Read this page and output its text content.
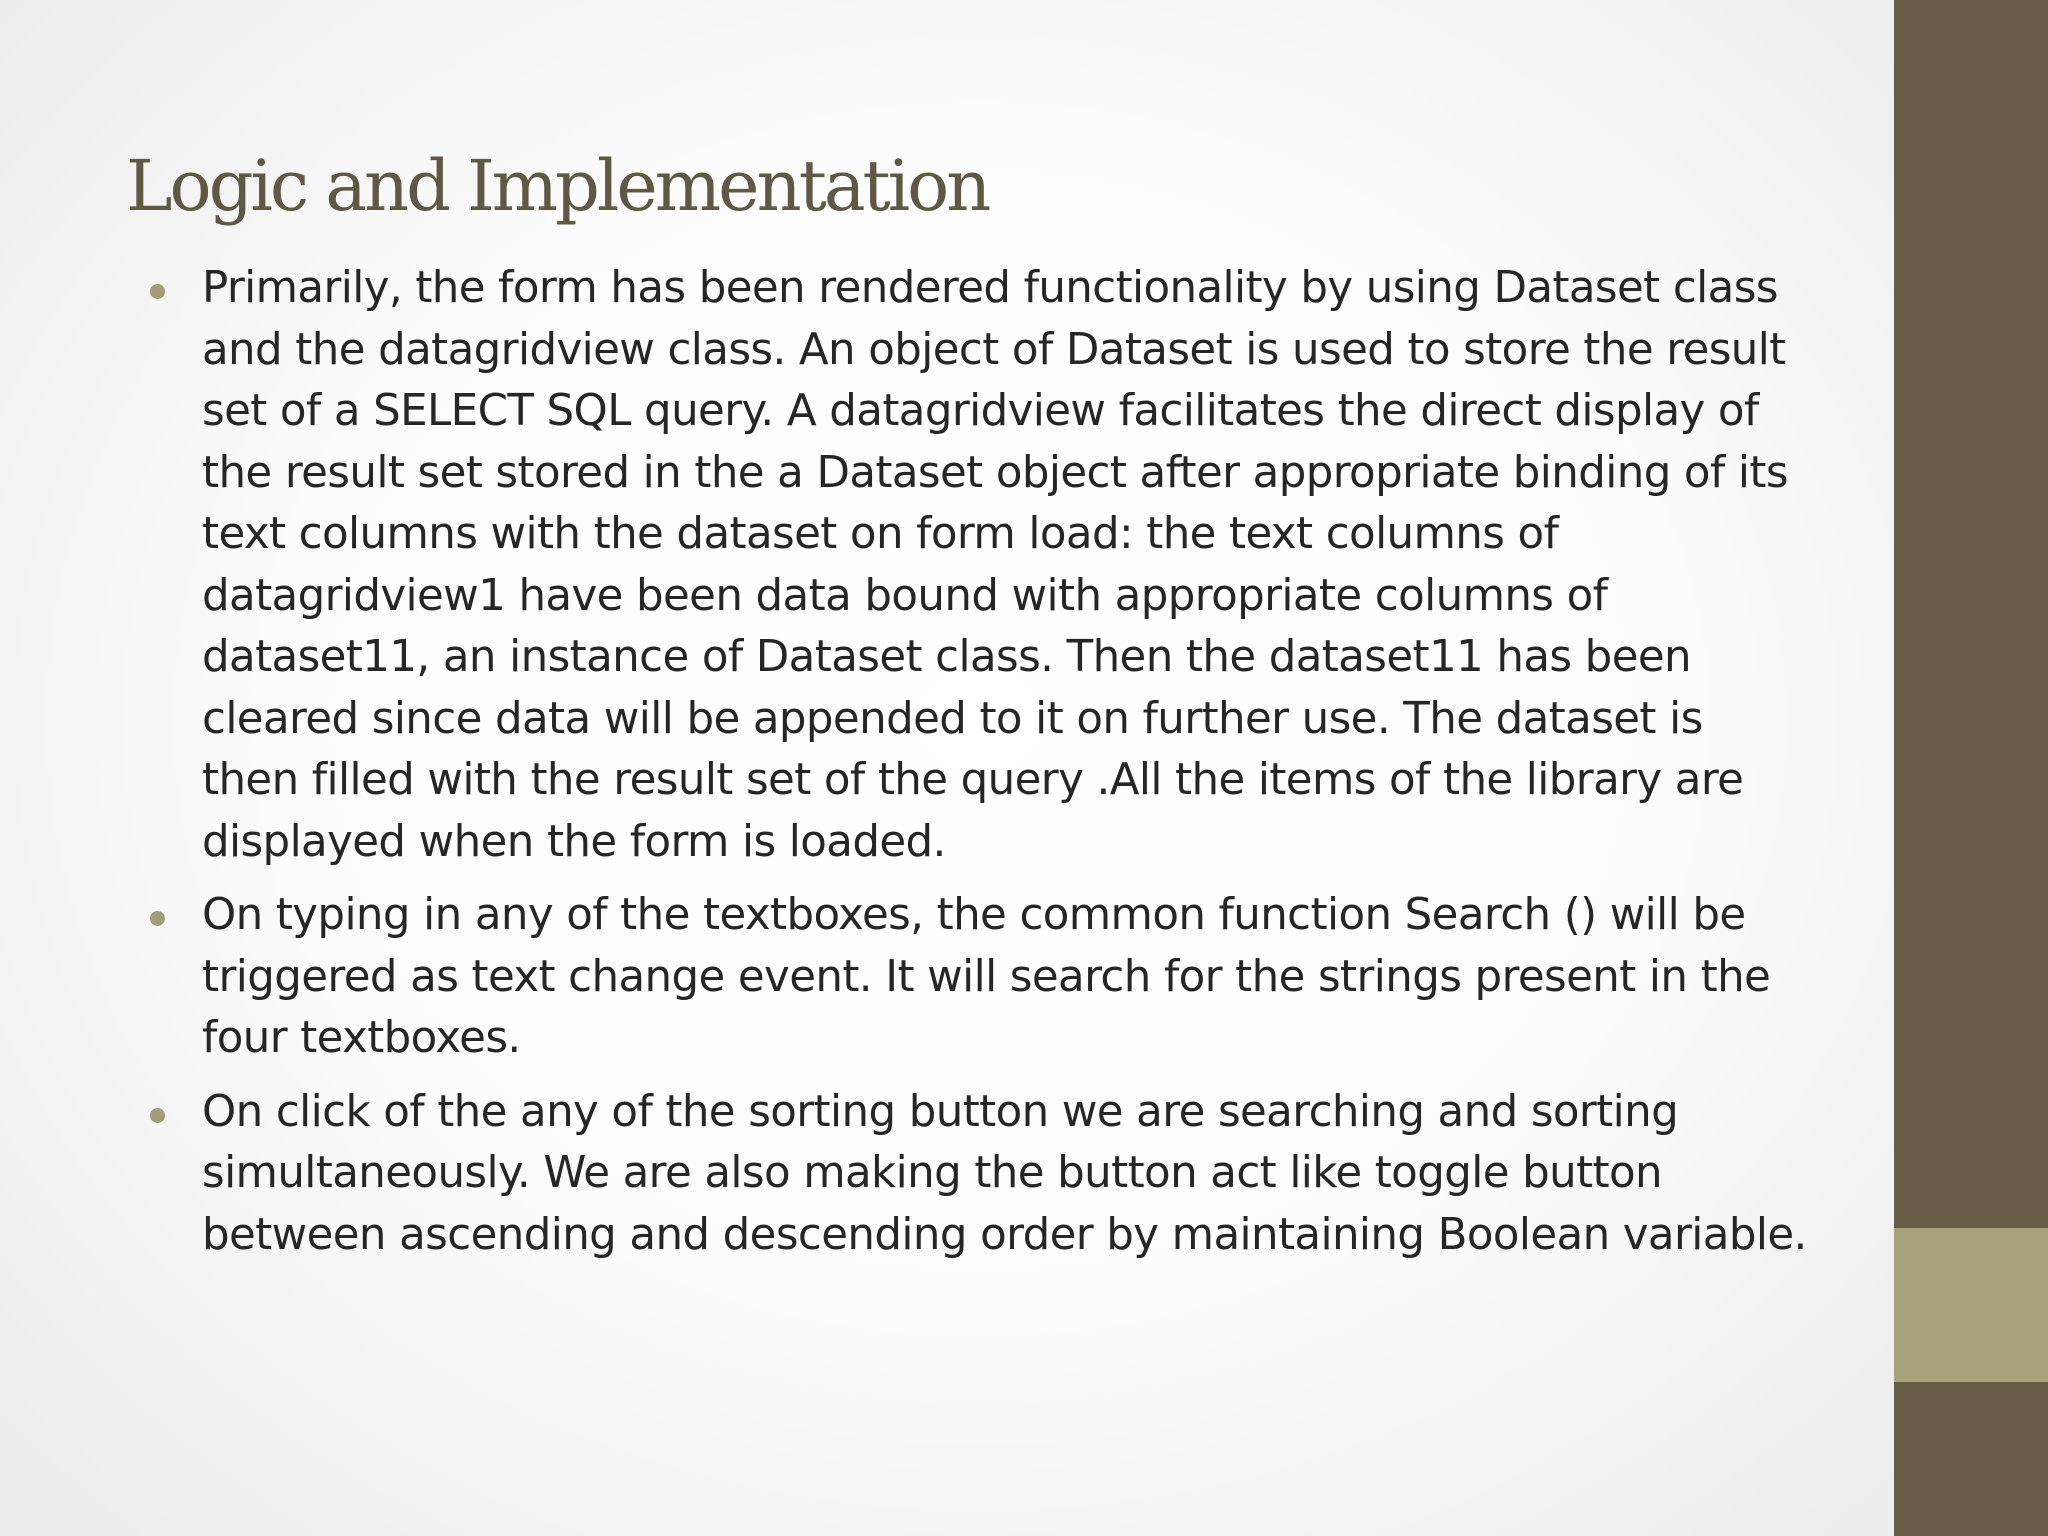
Logic and Implementation
Primarily, the form has been rendered functionality by using Dataset class and the datagridview class. An object of Dataset is used to store the result set of a SELECT SQL query. A datagridview facilitates the direct display of the result set stored in the a Dataset object after appropriate binding of its text columns with the dataset on form load: the text columns of datagridview1 have been data bound with appropriate columns of dataset11, an instance of Dataset class. Then the dataset11 has been cleared since data will be appended to it on further use. The dataset is then filled with the result set of the query .All the items of the library are displayed when the form is loaded.
On typing in any of the textboxes, the common function Search () will be triggered as text change event. It will search for the strings present in the four textboxes.
On click of the any of the sorting button we are searching and sorting simultaneously. We are also making the button act like toggle button between ascending and descending order by maintaining Boolean variable.
